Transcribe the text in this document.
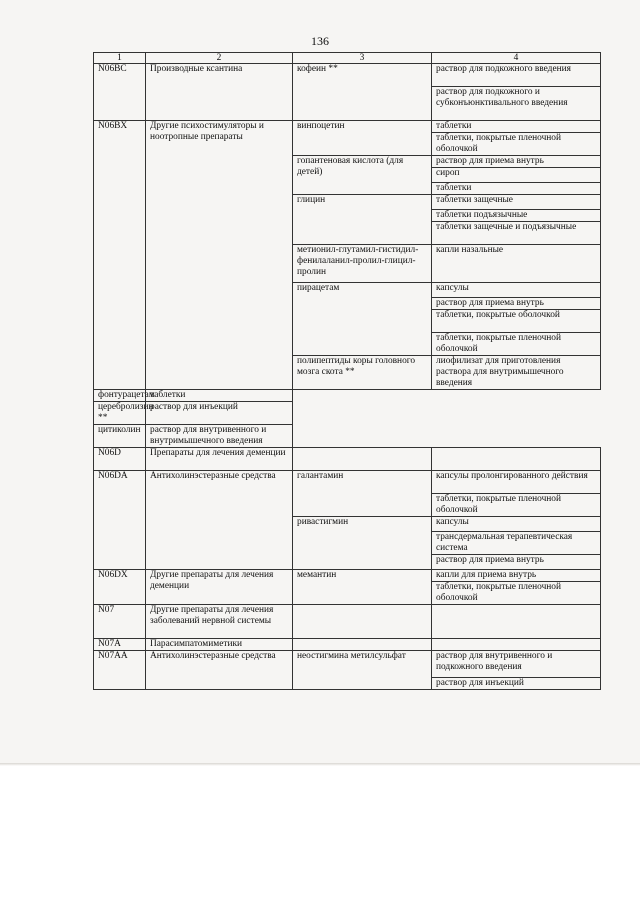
136
1	2	3	4
N06BC	Производные ксантина	кофеин **	раствор для подкожного введения
			раствор для подкожного и субконъюнктивального введения
N06BX	Другие психостимуляторы и ноотропные препараты	винпоцетин	таблетки
			таблетки, покрытые пленочной оболочкой
		гопантеновая кислота (для детей)	раствор для приема внутрь
			сироп
			таблетки
		глицин	таблетки защечные
			таблетки подъязычные
			таблетки защечные и подъязычные
		метионил-глутамил-гистидил-фенилаланил-пролил-глицил-пролин	капли назальные
		пирацетам	капсулы
			раствор для приема внутрь
			таблетки, покрытые оболочкой
			таблетки, покрытые пленочной оболочкой
		полипептиды коры головного мозга скота **	лиофилизат для приготовления раствора для внутримышечного введения
фонтурацетам	таблетки		
церебролизин **	раствор для инъекций		
цитиколин	раствор для внутривенного и внутримышечного введения		
N06D	Препараты для лечения деменции		
N06DA	Антихолинэстеразные средства	галантамин	капсулы пролонгированного действия
			таблетки, покрытые пленочной оболочкой
		ривастигмин	капсулы
			трансдермальная терапевтическая система
			раствор для приема внутрь
N06DX	Другие препараты для лечения деменции	мемантин	капли для приема внутрь
			таблетки, покрытые пленочной оболочкой
N07	Другие препараты для лечения заболеваний нервной системы		
N07A	Парасимпатомиметики		
N07AA	Антихолинэстеразные средства	неостигмина метилсульфат	раствор для внутривенного и подкожного введения
			раствор для инъекций
